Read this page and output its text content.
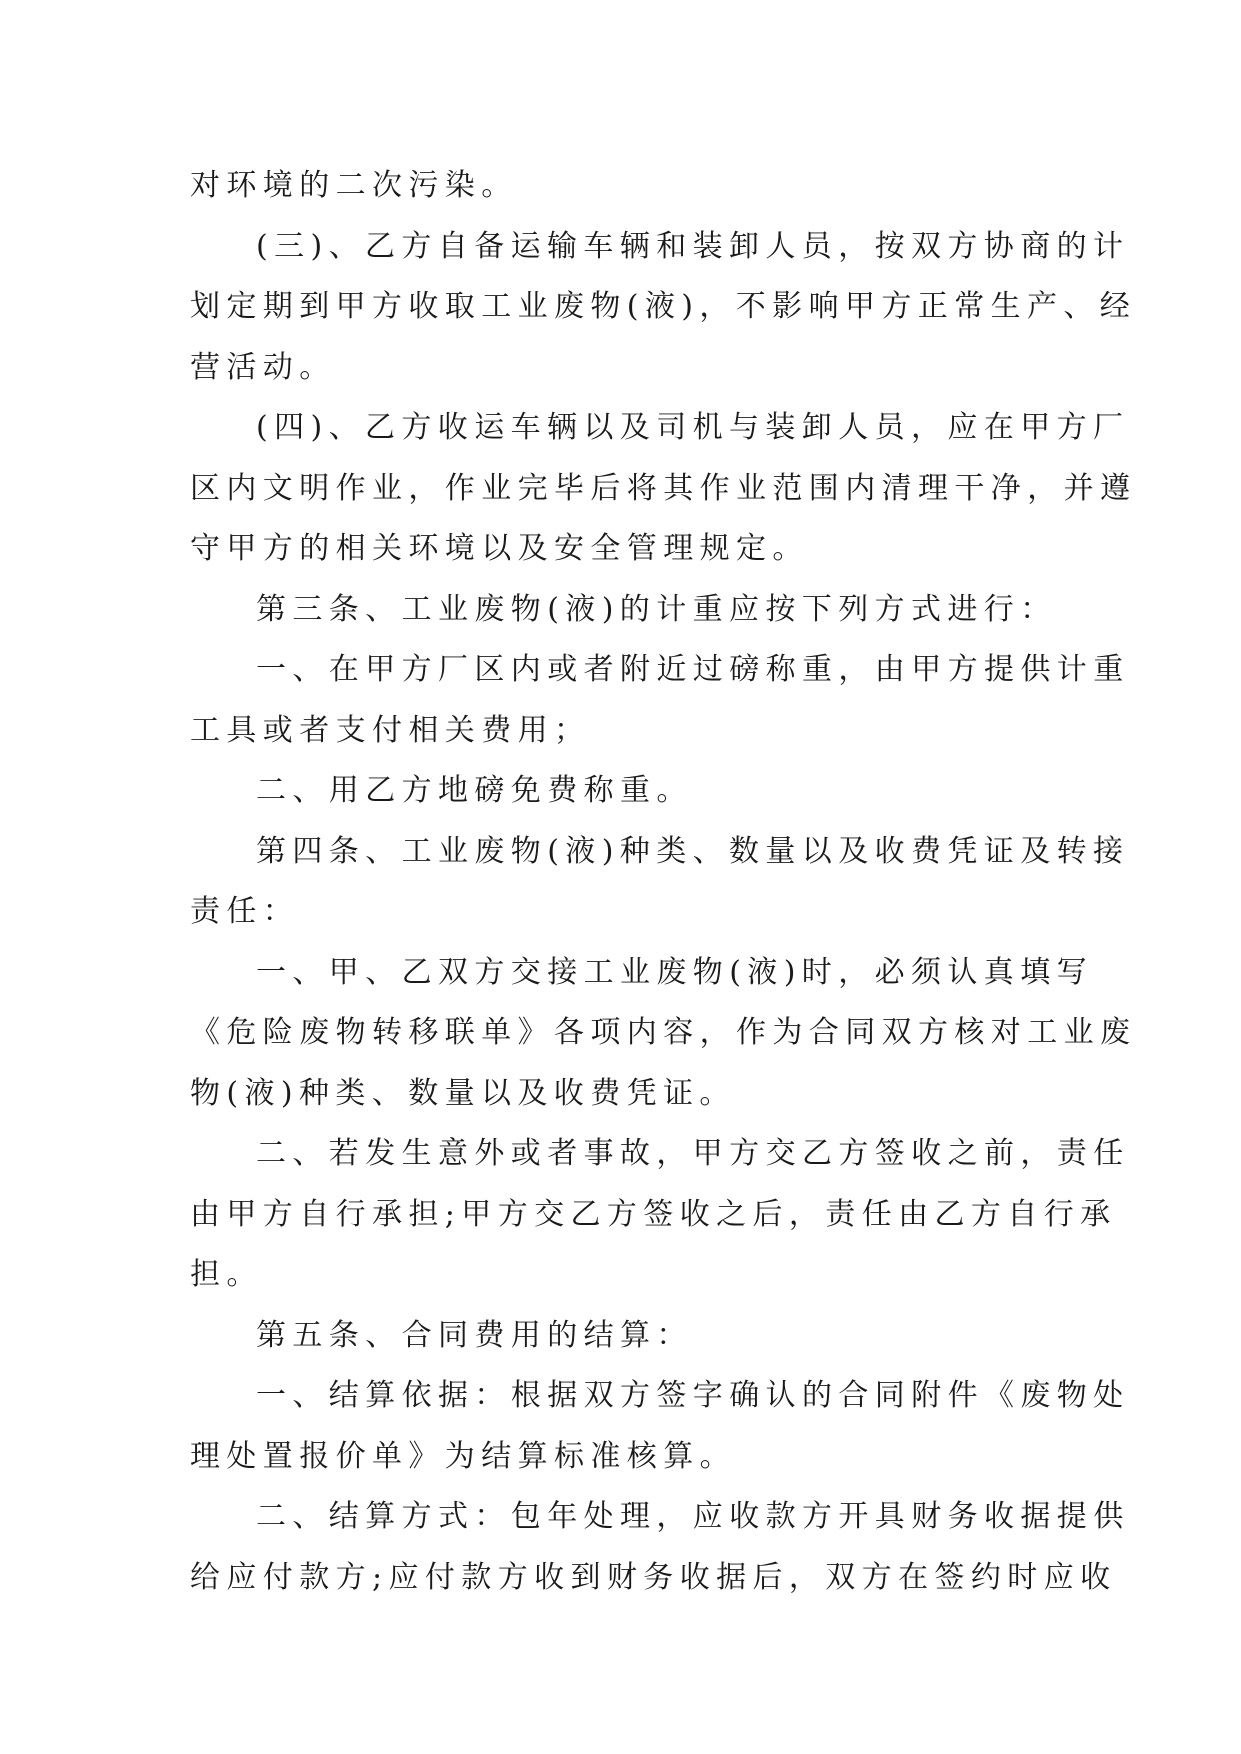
对环境的二次污染。
(三)、乙方自备运输车辆和装卸人员，按双方协商的计
划定期到甲方收取工业废物(液)，不影响甲方正常生产、经
营活动。
(四)、乙方收运车辆以及司机与装卸人员，应在甲方厂
区内文明作业，作业完毕后将其作业范围内清理干净，并遵
守甲方的相关环境以及安全管理规定。
第三条、工业废物(液)的计重应按下列方式进行：
一、在甲方厂区内或者附近过磅称重，由甲方提供计重
工具或者支付相关费用；
二、用乙方地磅免费称重。
第四条、工业废物(液)种类、数量以及收费凭证及转接
责任：
一、甲、乙双方交接工业废物(液)时，必须认真填写
《危险废物转移联单》各项内容，作为合同双方核对工业废
物(液)种类、数量以及收费凭证。
二、若发生意外或者事故，甲方交乙方签收之前，责任
由甲方自行承担;甲方交乙方签收之后，责任由乙方自行承
担。
第五条、合同费用的结算：
一、结算依据：根据双方签字确认的合同附件《废物处
理处置报价单》为结算标准核算。
二、结算方式：包年处理，应收款方开具财务收据提供
给应付款方;应付款方收到财务收据后，双方在签约时应收
